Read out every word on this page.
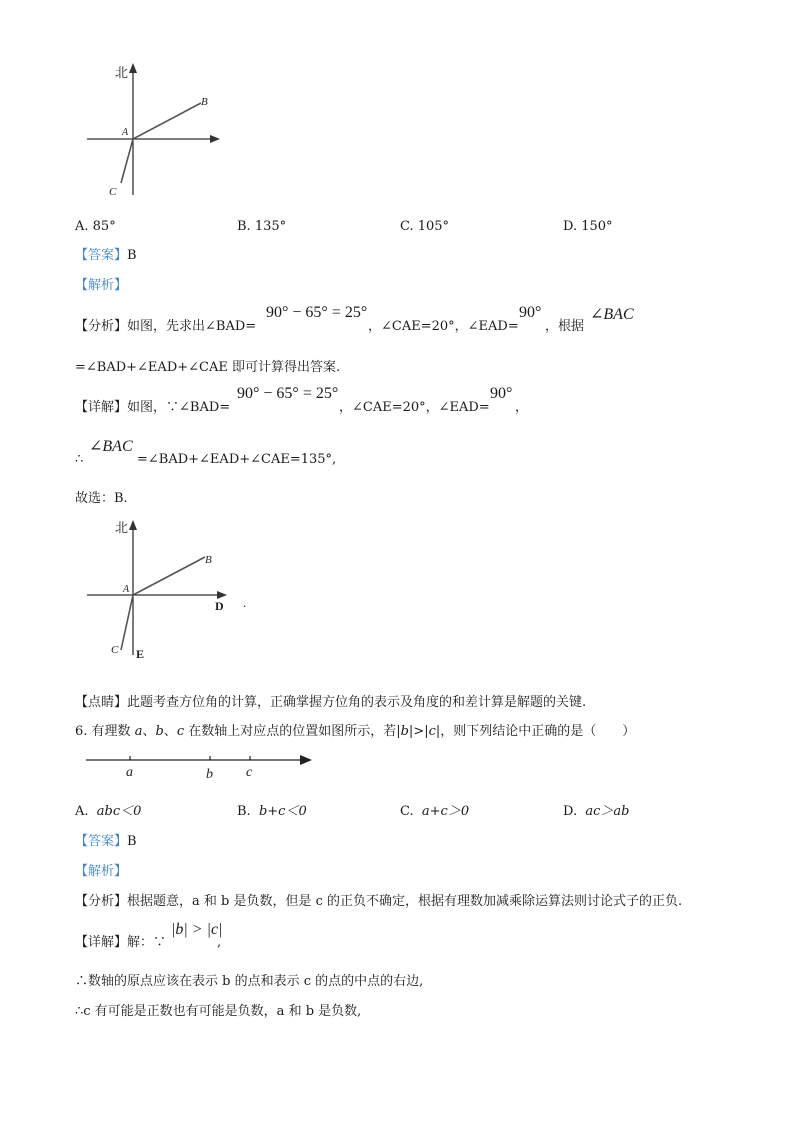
北
A
B
C
A. 85°	B. 135°	C. 105°	D. 150°
【答案】B
【解析】
【分析】如图，先求出∠BAD=
90° − 65° = 25°
，∠CAE=20°，∠EAD=
90°
，根据
∠BAC
=∠BAD+∠EAD+∠CAE 即可计算得出答案.
【详解】如图，∵∠BAD=
90° − 65° = 25°
，∠CAE=20°，∠EAD=
90°
，
∴
∠BAC
=∠BAD+∠EAD+∠CAE=135°,
故选：B.
北
A
B
C
D
E
.
【点睛】此题考查方位角的计算，正确掌握方位角的表示及角度的和差计算是解题的关键.
6. 有理数 a、b、c 在数轴上对应点的位置如图所示，若|b|>|c|，则下列结论中正确的是（　　）
a	b c
A. abc＜0	B. b+c＜0	C. a+c＞0	D. ac＞ab
【答案】B
【解析】
【分析】根据题意，a 和 b 是负数，但是 c 的正负不确定，根据有理数加减乘除运算法则讨论式子的正负.
【详解】解：∵
|b| > |c|
,
∴数轴的原点应该在表示 b 的点和表示 c 的点的中点的右边,
∴c 有可能是正数也有可能是负数，a 和 b 是负数,
